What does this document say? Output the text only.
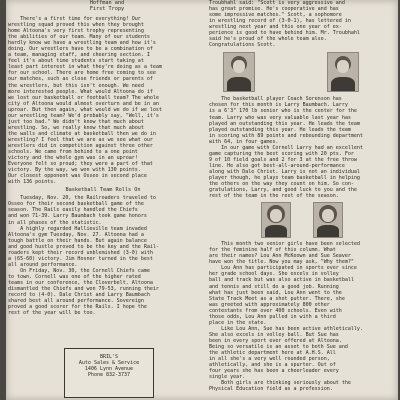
Hoffman and
First Tropy

There's a first time for everything! Our
wrestling squad proved this when they brought
home Altoona's very first trophy representing
the abilities of our team. Many of our students
hardly know we have a wrestling team and how it's
doing. Our wrestlers have to be a combination of
a team, managing staff, and cheering section. I
feel it's about time students start taking at
least part interest in what they're doing as a team
for our school. There are home free coming to see
our matches, such as close friends or parents of
the wrestlers, but this isn't enough. We need
more interested people. What would Altoona do if
we lost our basketball or football team? The whole
city of Altoona would almost overturn and be in an
uproar. But then again, what would we do if we lost
our wrestling team? We'd probably say, "Well, it's
just too bad." We didn't know that much about
wrestling. So, we really know that much about
the walls and climate at basketball then we do in
wrestling? I feel that we are as we see what our
wrestlers did in competition against three other
schools. We came from behind to a one point
victory and the whole gym was in an uproar!
Everyone felt so proud; they were a part of that
victory. By the way, we won with 130 points.
Our closest opponent was Osseo in second place
with 136 points.

Basketball Team Rolls On

Tuesday, Nov. 20, the Railroaders traveled to
Osseo for their second basketball game of the
season. The Rails easily handled the Chiefs
and won 71-39. Larry Baumbach took game honors
in all phases of the statistic.
A highly regarded Hallieville team invaded
Altoona's gym Tuesday, Nov. 27. Altoona had a
tough battle on their hands. But again balance
and good hustle proved to be the key and the Rail-
roaders kept their record unblemished (3-0) with
a (65-60) victory. Jim Hosner turned in the best
all around performance.
On Friday, Nov. 30, the Cornell Chiefs came
to town. Cornell was one of the higher rated
teams in our conference, the Cloverbelt. Altoona
dismantled the Chiefs and won 79-53, running their
record to (4-0). Dale Christ and Larry Baumbach
shared best all around performance. Sovereign
proved a good scorer for the Rails. I hope the
rest of the year will be too.

BRIL'S
Auto Sales & Service
1406 Lynn Avenue
Phone 832-3737

Troubhahl said: "Scott is very aggressive and
has great promise. He's cooperative and has
some impressive matches." Scott, a sophomore
in wrestling record of (3-0-1), has lettered in
wrestling next year and this one year of ex-
perience is good to have behind him. Mr. Troubhahl
said he's proud of the whole team also.
Congratulations Scott.

The basketball player Coach Sorenson has
chosen for this month is Larry Baumbach. Larry
is a 6'3" 170 lb senior who is the center for the
team. Larry who was very valuable last year has
played an outstanding this year. He leads the team
played outstanding this year. He leads the team
in scoring with 89 points and rebounding department
with 64, in four games.
In our game with Cornell Larry had an excellent
game capturing the best scoring with 20 pts. For
9 of 10 field goals and 2 for 3 at the free throw
line. He also got best-all-around-performance
along with Dale Christ. Larry is not an individual
player though, he plays team basketball in helping
the others on the way they count on him. So con-
gratulations, Larry, and good luck to you and the
rest of the team in the rest of the season.

This month two senior girls have been selected
for the feminine half of this column. What
are their names? Lou Ann McKeown and Sue Seaver
have won the title. Now you may ask, "Why them?"
Lou Ann has participated in sports ever since
her grade school days. She excels in volley
ball and track but was also active in basketball
and tennis and still do a good job. Running
what has just been said, Lou Ann went to the
State Track Meet as a shot putter. There, she
was greeted with approximately 800 other
contestants from over 400 schools. Even with
those odds, Lou Ann pulled in with a third
place in the state.
Like Lou Ann, Sue has been active athletically.
She also excels in volley ball. But Sue has
been in every sport ever offered at Altoona.
Being so versatile is an asset to both Sue and
the athletic department here at A.H.S. All
in all she's a very well rounded person,
athletically, and she is a spurter. Out of
four years she has been a cheerleader every
single year.
Both girls are thinking seriously about the
Physical Education field as a profession.
